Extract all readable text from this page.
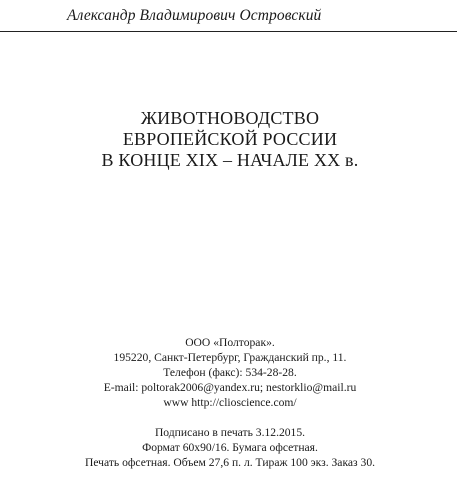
Александр Владимирович Островский
ЖИВОТНОВОДСТВО
ЕВРОПЕЙСКОЙ РОССИИ
В КОНЦЕ XIX – НАЧАЛЕ XX в.
ООО «Полторак».
195220, Санкт-Петербург, Гражданский пр., 11.
Телефон (факс): 534-28-28.
E-mail: poltorak2006@yandex.ru; nestorklio@mail.ru
www http://clioscience.com/
Подписано в печать 3.12.2015.
Формат 60x90/16. Бумага офсетная.
Печать офсетная. Объем 27,6 п. л. Тираж 100 экз. Заказ 30.
